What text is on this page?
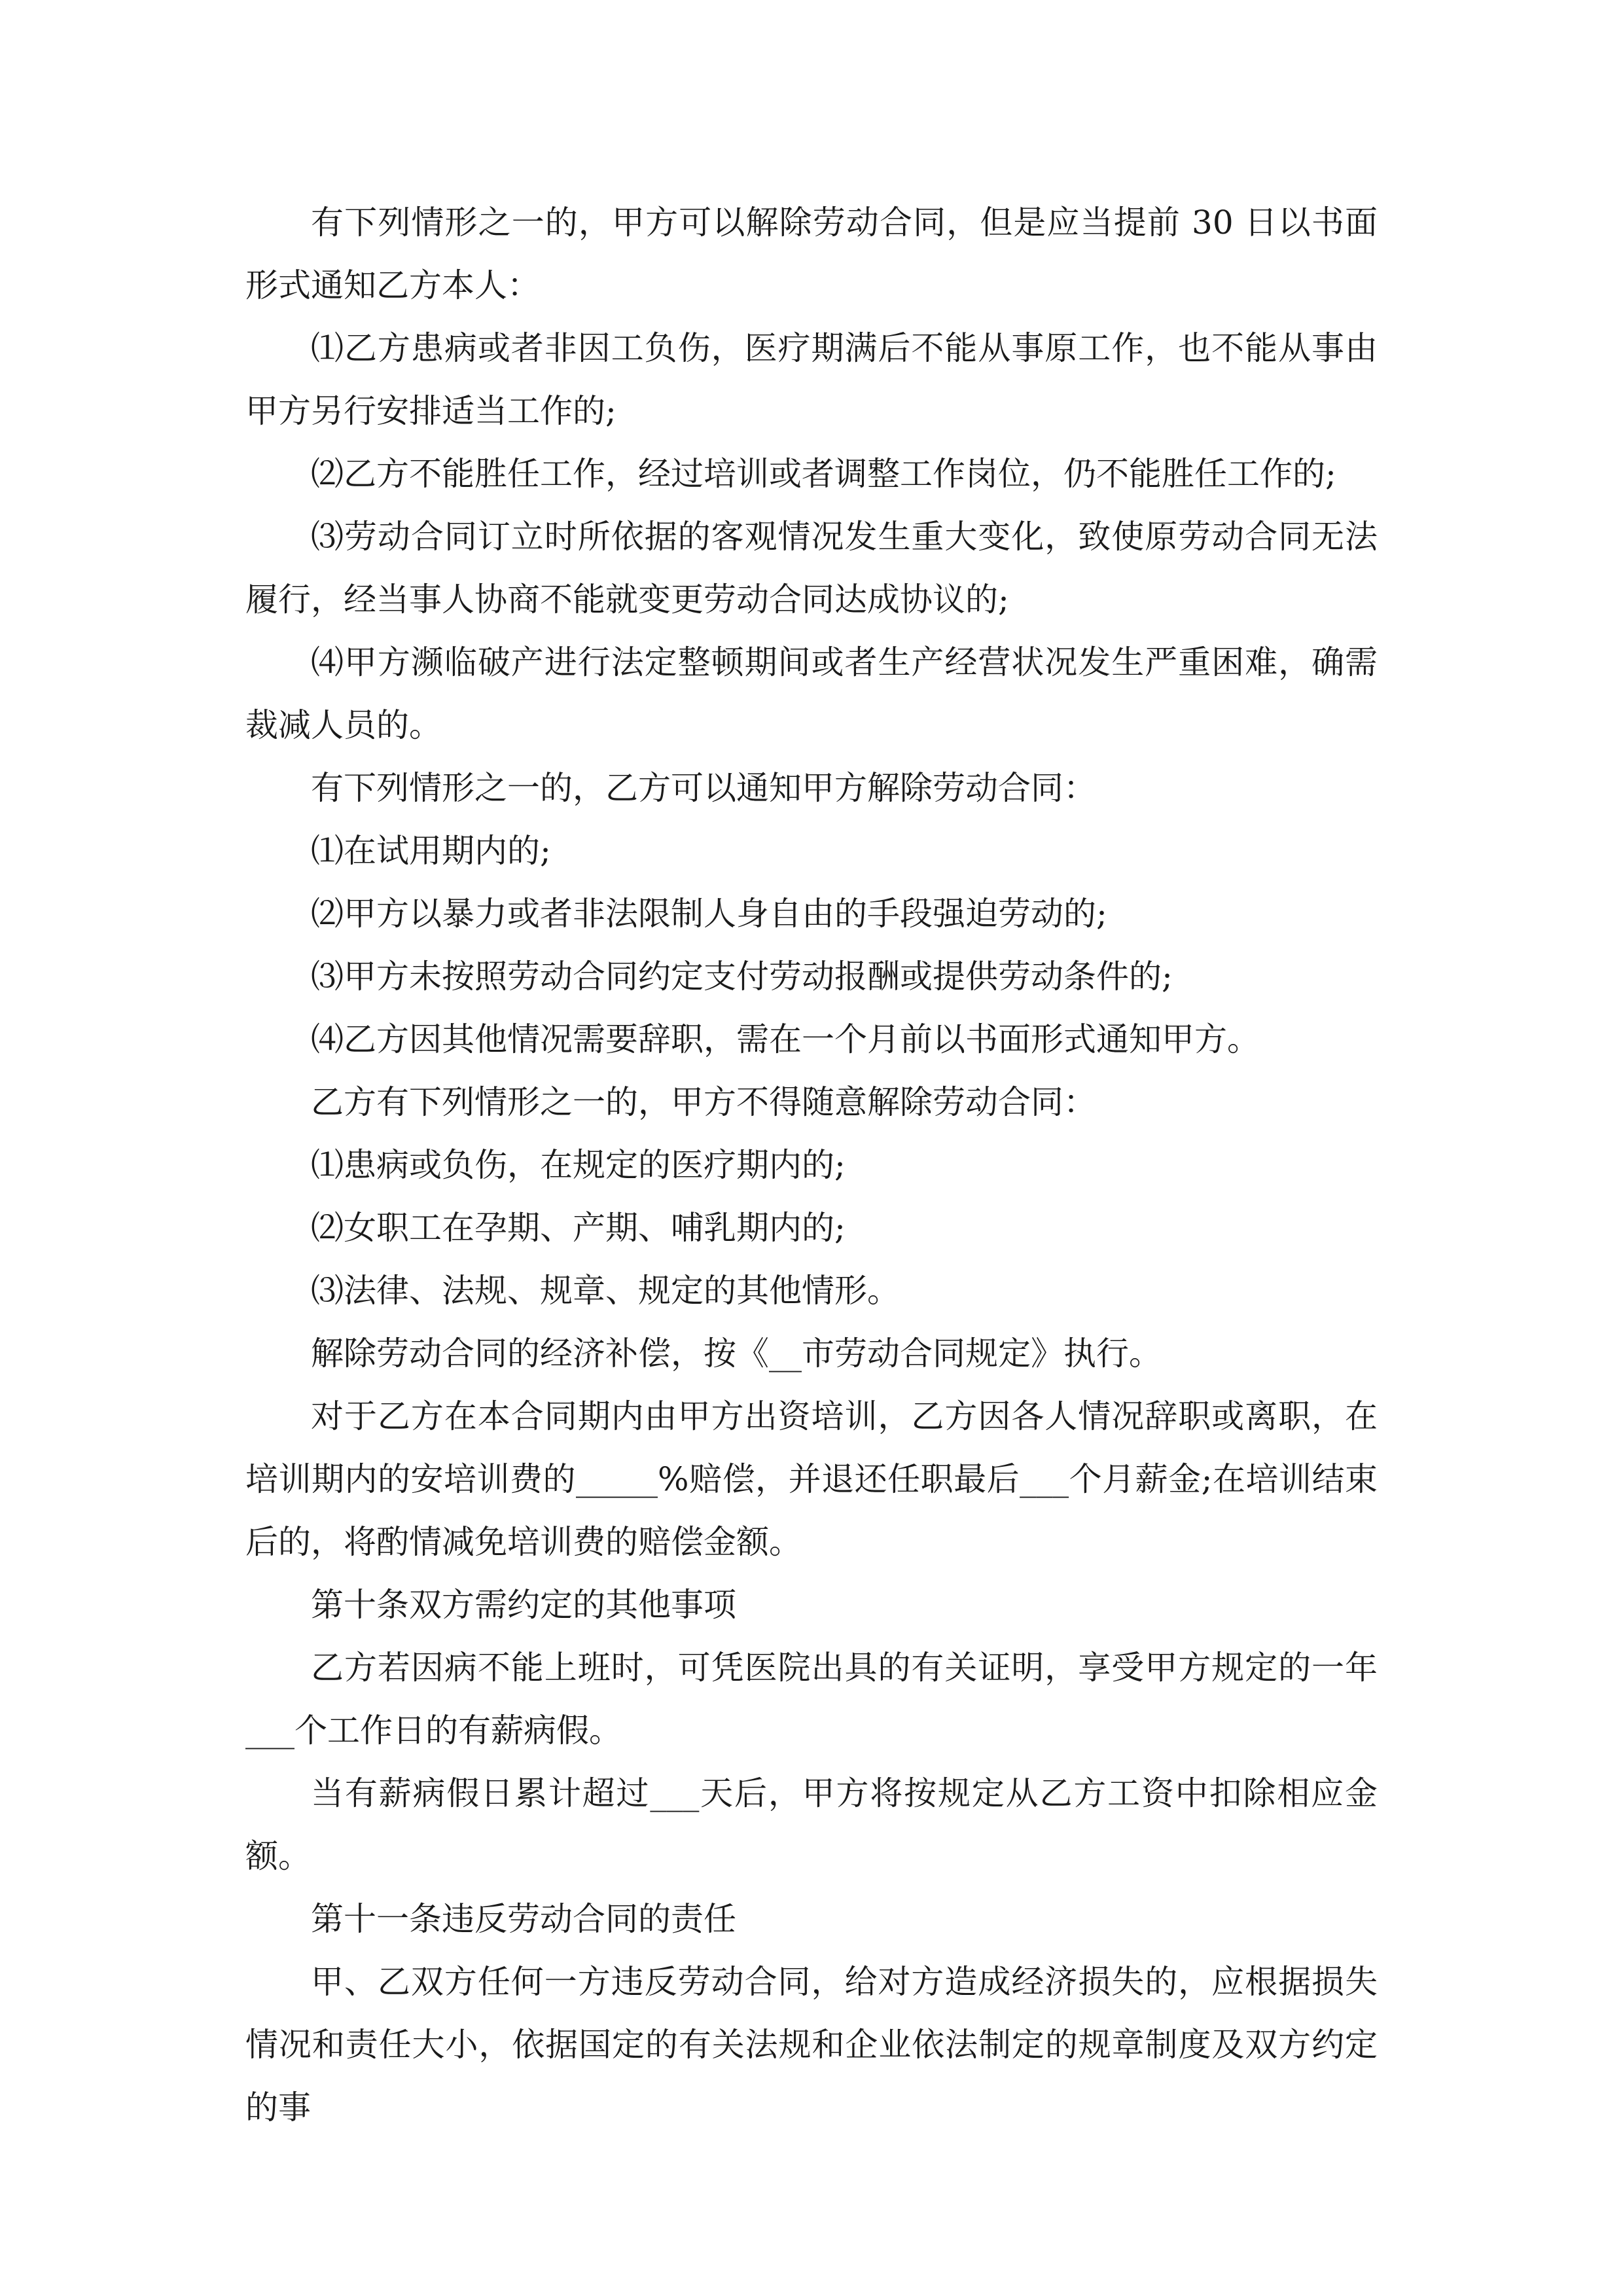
有下列情形之一的，甲方可以解除劳动合同，但是应当提前 30 日以书面形式通知乙方本人：

⑴乙方患病或者非因工负伤，医疗期满后不能从事原工作，也不能从事由甲方另行安排适当工作的;

⑵乙方不能胜任工作，经过培训或者调整工作岗位，仍不能胜任工作的;

⑶劳动合同订立时所依据的客观情况发生重大变化，致使原劳动合同无法履行，经当事人协商不能就变更劳动合同达成协议的;

⑷甲方濒临破产进行法定整顿期间或者生产经营状况发生严重困难，确需裁减人员的。

有下列情形之一的，乙方可以通知甲方解除劳动合同：

⑴在试用期内的;

⑵甲方以暴力或者非法限制人身自由的手段强迫劳动的;

⑶甲方未按照劳动合同约定支付劳动报酬或提供劳动条件的;

⑷乙方因其他情况需要辞职，需在一个月前以书面形式通知甲方。

乙方有下列情形之一的，甲方不得随意解除劳动合同：

⑴患病或负伤，在规定的医疗期内的;

⑵女职工在孕期、产期、哺乳期内的;

⑶法律、法规、规章、规定的其他情形。

解除劳动合同的经济补偿，按《__市劳动合同规定》执行。

对于乙方在本合同期内由甲方出资培训，乙方因各人情况辞职或离职，在培训期内的安培训费的_____%赔偿，并退还任职最后___个月薪金;在培训结束后的，将酌情减免培训费的赔偿金额。

第十条双方需约定的其他事项

乙方若因病不能上班时，可凭医院出具的有关证明，享受甲方规定的一年___个工作日的有薪病假。

当有薪病假日累计超过___天后，甲方将按规定从乙方工资中扣除相应金额。

第十一条违反劳动合同的责任

甲、乙双方任何一方违反劳动合同，给对方造成经济损失的，应根据损失情况和责任大小，依据国定的有关法规和企业依法制定的规章制度及双方约定的事
